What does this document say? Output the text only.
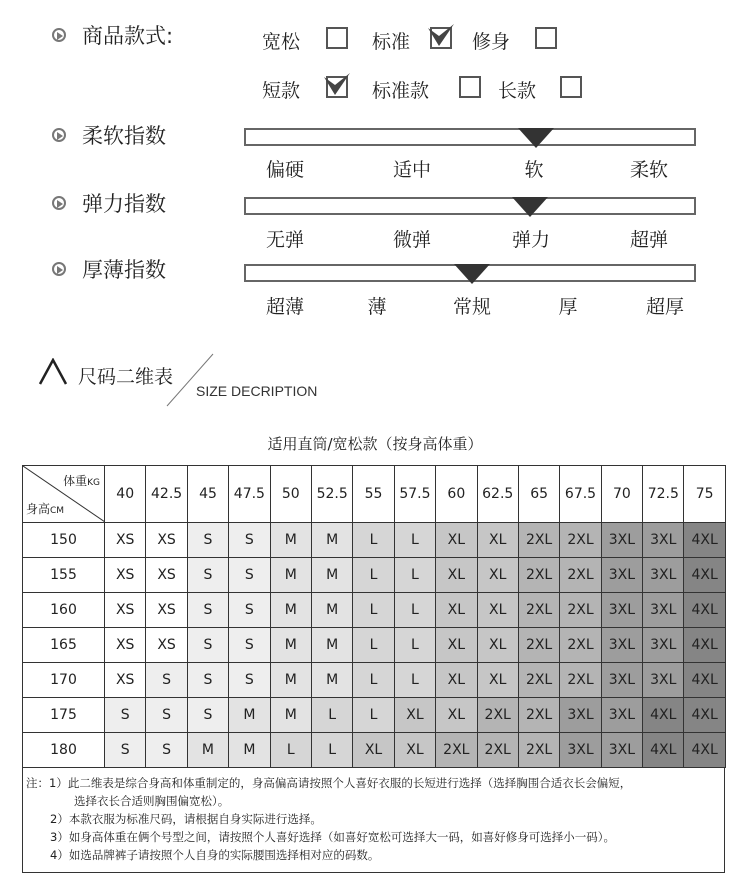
商品款式:	宽松	标准	修身
短款	标准款	长款
柔软指数
偏硬	适中	软	柔软
弹力指数
无弹	微弹	弹力	超弹
厚薄指数
超薄	薄	常规	厚	超厚
尺码二维表
SIZE DECRIPTION
适用直筒/宽松款（按身高体重）
体重KG
身高CM	40	42.5	45	47.5	50	52.5	55	57.5	60	62.5	65	67.5	70	72.5	75
150	XS	XS	S	S	M	M	L	L	XL	XL	2XL	2XL	3XL	3XL	4XL
155	XS	XS	S	S	M	M	L	L	XL	XL	2XL	2XL	3XL	3XL	4XL
160	XS	XS	S	S	M	M	L	L	XL	XL	2XL	2XL	3XL	3XL	4XL
165	XS	XS	S	S	M	M	L	L	XL	XL	2XL	2XL	3XL	3XL	4XL
170	XS	S	S	S	M	M	L	L	XL	XL	2XL	2XL	3XL	3XL	4XL
175	S	S	S	M	M	L	L	XL	XL	2XL	2XL	3XL	3XL	4XL	4XL
180	S	S	M	M	L	L	XL	XL	2XL	2XL	2XL	3XL	3XL	4XL	4XL
注：1）此二维表是综合身高和体重制定的，身高偏高请按照个人喜好衣服的长短进行选择（选择胸围合适衣长会偏短，
选择衣长合适则胸围偏宽松）。
2）本款衣服为标准尺码，请根据自身实际进行选择。
3）如身高体重在俩个号型之间，请按照个人喜好选择（如喜好宽松可选择大一码，如喜好修身可选择小一码）。
4）如选品牌裤子请按照个人自身的实际腰围选择相对应的码数。
